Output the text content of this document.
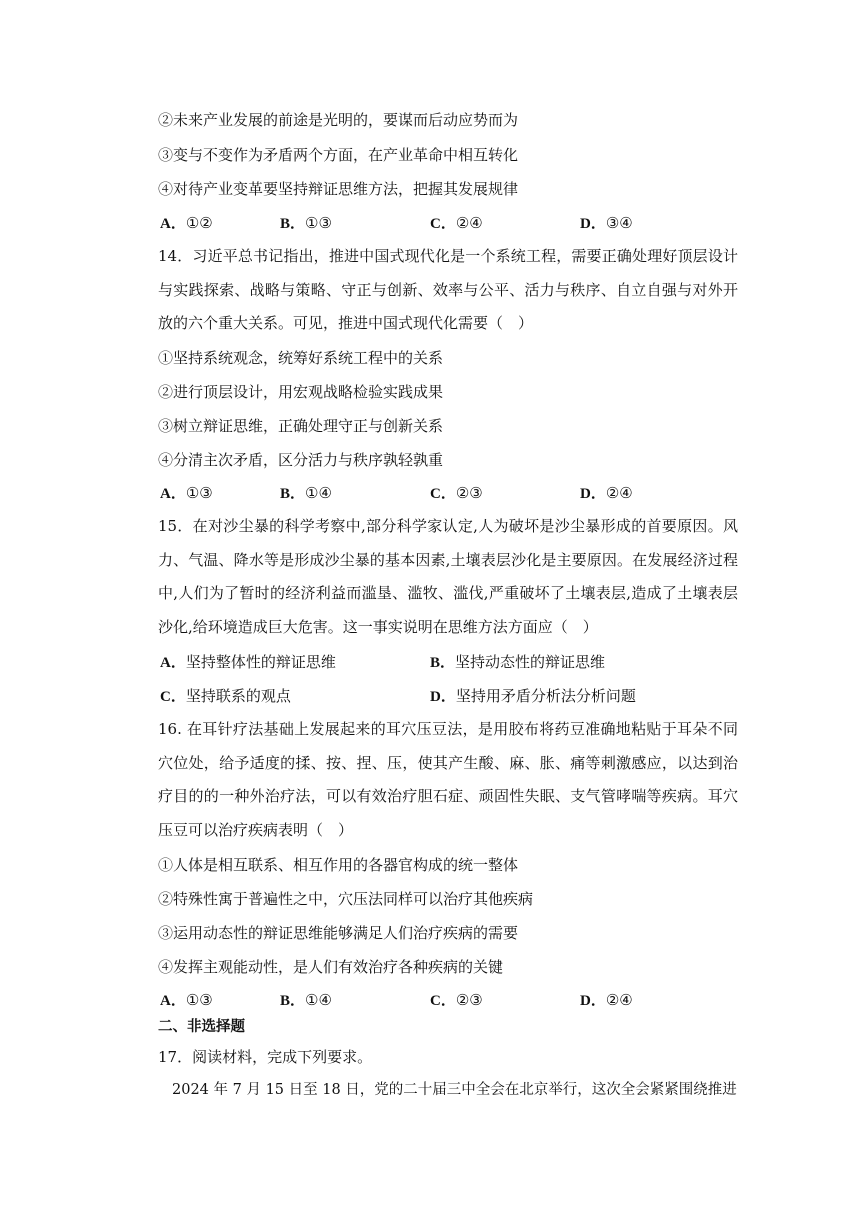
②未来产业发展的前途是光明的，要谋而后动应势而为
③变与不变作为矛盾两个方面，在产业革命中相互转化
④对待产业变革要坚持辩证思维方法，把握其发展规律
A．①②	B．①③	C．②④	D．③④
14．习近平总书记指出，推进中国式现代化是一个系统工程，需要正确处理好顶层设计与实践探索、战略与策略、守正与创新、效率与公平、活力与秩序、自立自强与对外开放的六个重大关系。可见，推进中国式现代化需要（　）
①坚持系统观念，统筹好系统工程中的关系
②进行顶层设计，用宏观战略检验实践成果
③树立辩证思维，正确处理守正与创新关系
④分清主次矛盾，区分活力与秩序孰轻孰重
A．①③	B．①④	C．②③	D．②④
15．在对沙尘暴的科学考察中,部分科学家认定,人为破坏是沙尘暴形成的首要原因。风力、气温、降水等是形成沙尘暴的基本因素,土壤表层沙化是主要原因。在发展经济过程中,人们为了暂时的经济利益而滥垦、滥牧、滥伐,严重破坏了土壤表层,造成了土壤表层沙化,给环境造成巨大危害。这一事实说明在思维方法方面应（　）
A．坚持整体性的辩证思维	B．坚持动态性的辩证思维
C．坚持联系的观点	D．坚持用矛盾分析法分析问题
16. 在耳针疗法基础上发展起来的耳穴压豆法，是用胶布将药豆准确地粘贴于耳朵不同穴位处，给予适度的揉、按、捏、压，使其产生酸、麻、胀、痛等刺激感应，以达到治疗目的的一种外治疗法，可以有效治疗胆石症、顽固性失眠、支气管哮喘等疾病。耳穴压豆可以治疗疾病表明（　）
①人体是相互联系、相互作用的各器官构成的统一整体
②特殊性寓于普遍性之中，穴压法同样可以治疗其他疾病
③运用动态性的辩证思维能够满足人们治疗疾病的需要
④发挥主观能动性，是人们有效治疗各种疾病的关键
A．①③	B．①④	C．②③	D．②④
二、非选择题
17．阅读材料，完成下列要求。
2024 年 7 月 15 日至 18 日，党的二十届三中全会在北京举行，这次全会紧紧围绕推进
